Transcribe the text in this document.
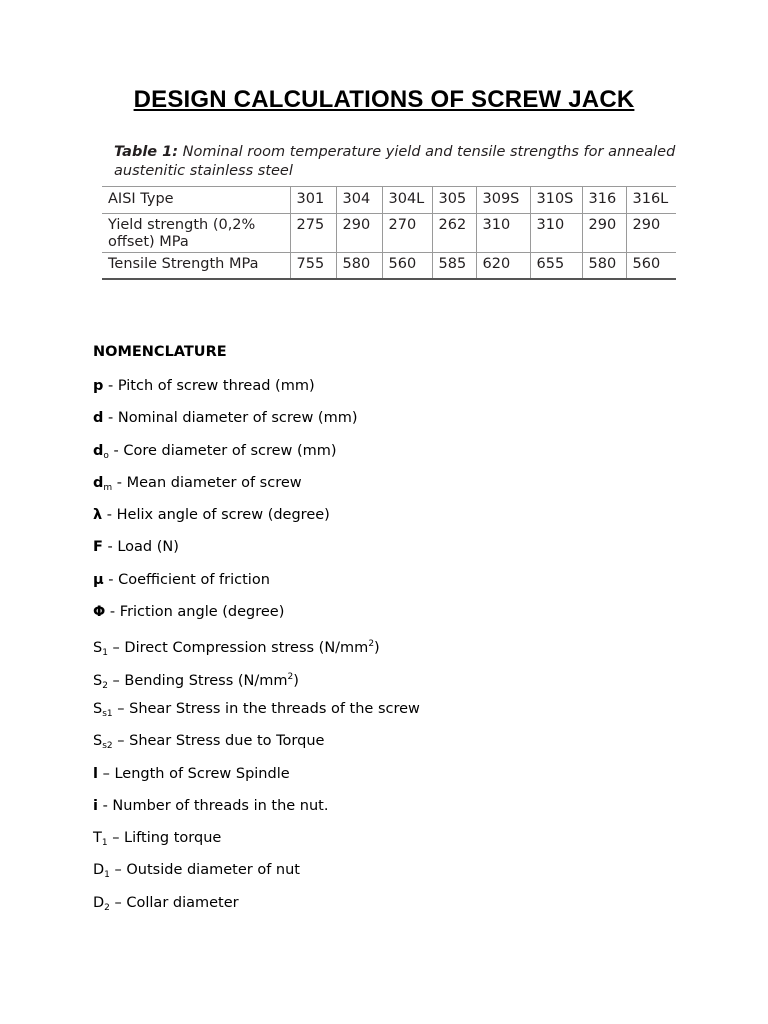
DESIGN CALCULATIONS OF SCREW JACK
Table 1: Nominal room temperature yield and tensile strengths for annealed austenitic stainless steel
AISI Type	301	304	304L	305	309S	310S	316	316L
Yield strength (0,2% offset) MPa	275	290	270	262	310	310	290	290
Tensile Strength MPa	755	580	560	585	620	655	580	560
NOMENCLATURE
p - Pitch of screw thread (mm)
d - Nominal diameter of screw (mm)
$d_o$ - Core diameter of screw (mm)
$d_m$ - Mean diameter of screw
λ - Helix angle of screw (degree)
F - Load (N)
μ - Coefficient of friction
Φ - Friction angle (degree)
$S_1$ – Direct Compression stress $(N/mm^2)$
$S_2$ – Bending Stress $(N/mm^2)$
$S_{s1}$ – Shear Stress in the threads of the screw
$S_{s2}$ – Shear Stress due to Torque
l – Length of Screw Spindle
i - Number of threads in the nut.
$T_1$ – Lifting torque
$D_1$ – Outside diameter of nut
$D_2$ – Collar diameter
